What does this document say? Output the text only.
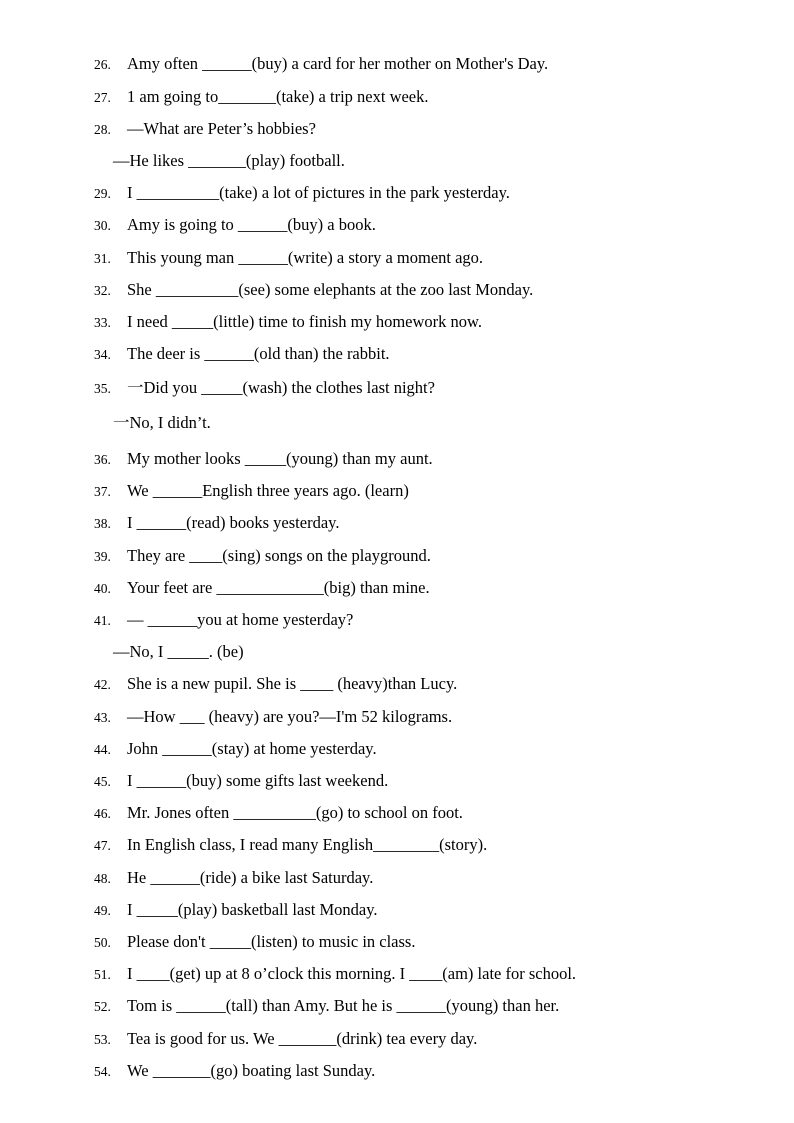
26. Amy often ______(buy) a card for her mother on Mother's Day.
27. 1 am going to_______(take) a trip next week.
28. —What are Peter’s hobbies?
—He likes _______(play) football.
29. I __________(take) a lot of pictures in the park yesterday.
30. Amy is going to ______(buy) a book.
31. This young man ______(write) a story a moment ago.
32. She __________(see) some elephants at the zoo last Monday.
33. I need _____(little) time to finish my homework now.
34. The deer is ______(old than) the rabbit.
35. 一Did you _____(wash) the clothes last night?
一No, I didn’t.
36. My mother looks _____(young) than my aunt.
37. We ______English three years ago. (learn)
38. I ______(read) books yesterday.
39. They are ____(sing) songs on the playground.
40. Your feet are _____________(big) than mine.
41. — ______you at home yesterday?
—No, I _____. (be)
42. She is a new pupil. She is ____ (heavy)than Lucy.
43. —How ___ (heavy) are you?—I'm 52 kilograms.
44. John ______(stay) at home yesterday.
45. I ______(buy) some gifts last weekend.
46. Mr. Jones often __________(go) to school on foot.
47. In English class, I read many English________(story).
48. He ______(ride) a bike last Saturday.
49. I _____(play) basketball last Monday.
50. Please don't _____(listen) to music in class.
51. I ____(get) up at 8 o’clock this morning. I ____(am) late for school.
52. Tom is ______(tall) than Amy. But he is ______(young) than her.
53. Tea is good for us. We _______(drink) tea every day.
54. We _______(go) boating last Sunday.
